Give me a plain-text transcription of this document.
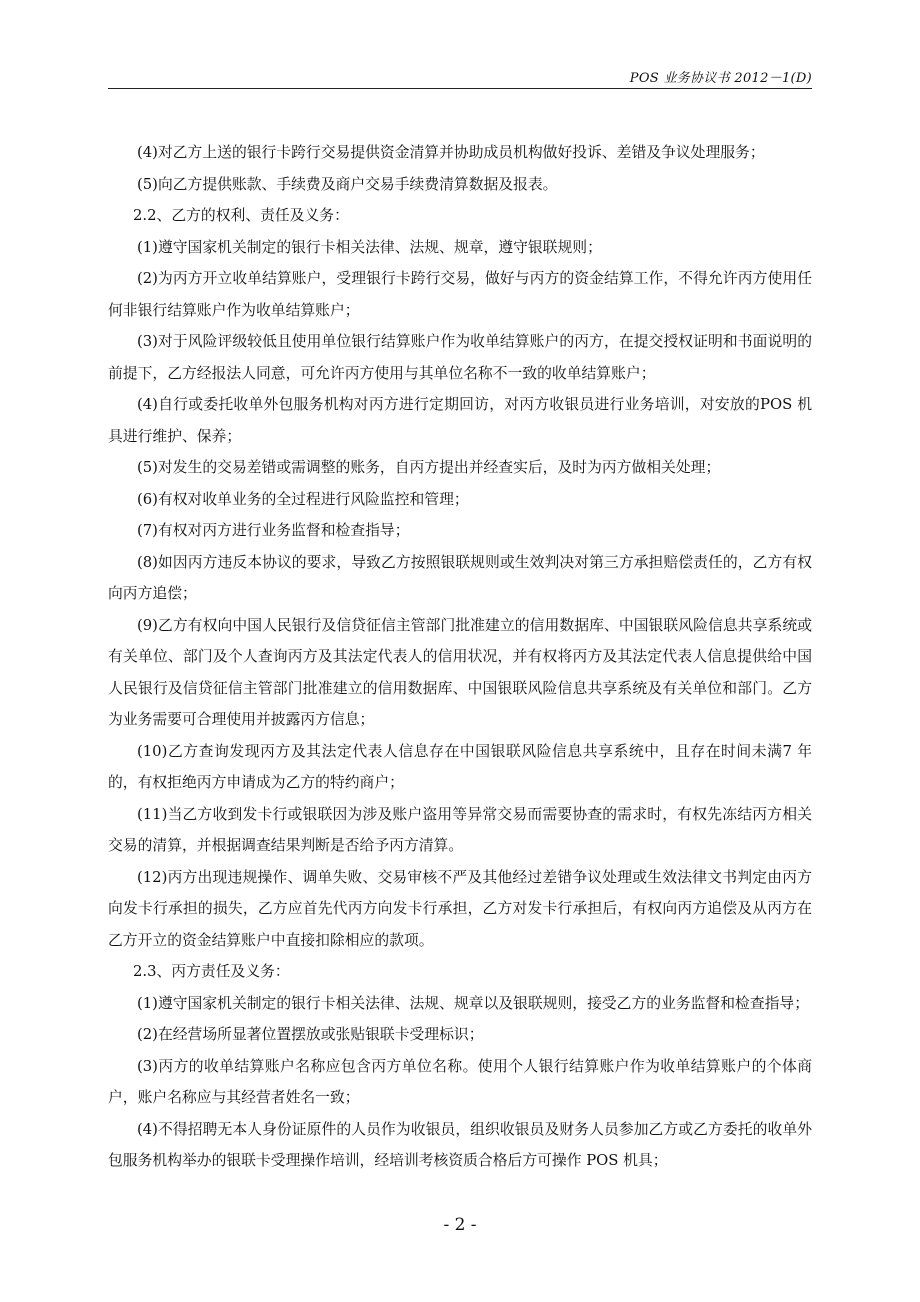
POS 业务协议书 2012－1(D)

(4)对乙方上送的银行卡跨行交易提供资金清算并协助成员机构做好投诉、差错及争议处理服务；

(5)向乙方提供账款、手续费及商户交易手续费清算数据及报表。

2.2、乙方的权利、责任及义务：

(1)遵守国家机关制定的银行卡相关法律、法规、规章，遵守银联规则；

(2)为丙方开立收单结算账户，受理银行卡跨行交易，做好与丙方的资金结算工作，不得允许丙方使用任何非银行结算账户作为收单结算账户；

(3)对于风险评级较低且使用单位银行结算账户作为收单结算账户的丙方，在提交授权证明和书面说明的前提下，乙方经报法人同意，可允许丙方使用与其单位名称不一致的收单结算账户；

(4)自行或委托收单外包服务机构对丙方进行定期回访，对丙方收银员进行业务培训，对安放的POS 机具进行维护、保养；

(5)对发生的交易差错或需调整的账务，自丙方提出并经查实后，及时为丙方做相关处理；

(6)有权对收单业务的全过程进行风险监控和管理；

(7)有权对丙方进行业务监督和检查指导；

(8)如因丙方违反本协议的要求，导致乙方按照银联规则或生效判决对第三方承担赔偿责任的，乙方有权向丙方追偿；

(9)乙方有权向中国人民银行及信贷征信主管部门批准建立的信用数据库、中国银联风险信息共享系统或有关单位、部门及个人查询丙方及其法定代表人的信用状况，并有权将丙方及其法定代表人信息提供给中国人民银行及信贷征信主管部门批准建立的信用数据库、中国银联风险信息共享系统及有关单位和部门。乙方为业务需要可合理使用并披露丙方信息；

(10)乙方查询发现丙方及其法定代表人信息存在中国银联风险信息共享系统中，且存在时间未满7 年的，有权拒绝丙方申请成为乙方的特约商户；

(11)当乙方收到发卡行或银联因为涉及账户盗用等异常交易而需要协查的需求时，有权先冻结丙方相关交易的清算，并根据调查结果判断是否给予丙方清算。

(12)丙方出现违规操作、调单失败、交易审核不严及其他经过差错争议处理或生效法律文书判定由丙方向发卡行承担的损失，乙方应首先代丙方向发卡行承担，乙方对发卡行承担后，有权向丙方追偿及从丙方在乙方开立的资金结算账户中直接扣除相应的款项。

2.3、丙方责任及义务：

(1)遵守国家机关制定的银行卡相关法律、法规、规章以及银联规则，接受乙方的业务监督和检查指导；

(2)在经营场所显著位置摆放或张贴银联卡受理标识；

(3)丙方的收单结算账户名称应包含丙方单位名称。使用个人银行结算账户作为收单结算账户的个体商户，账户名称应与其经营者姓名一致；

(4)不得招聘无本人身份证原件的人员作为收银员，组织收银员及财务人员参加乙方或乙方委托的收单外包服务机构举办的银联卡受理操作培训，经培训考核资质合格后方可操作 POS 机具；

- 2 -
